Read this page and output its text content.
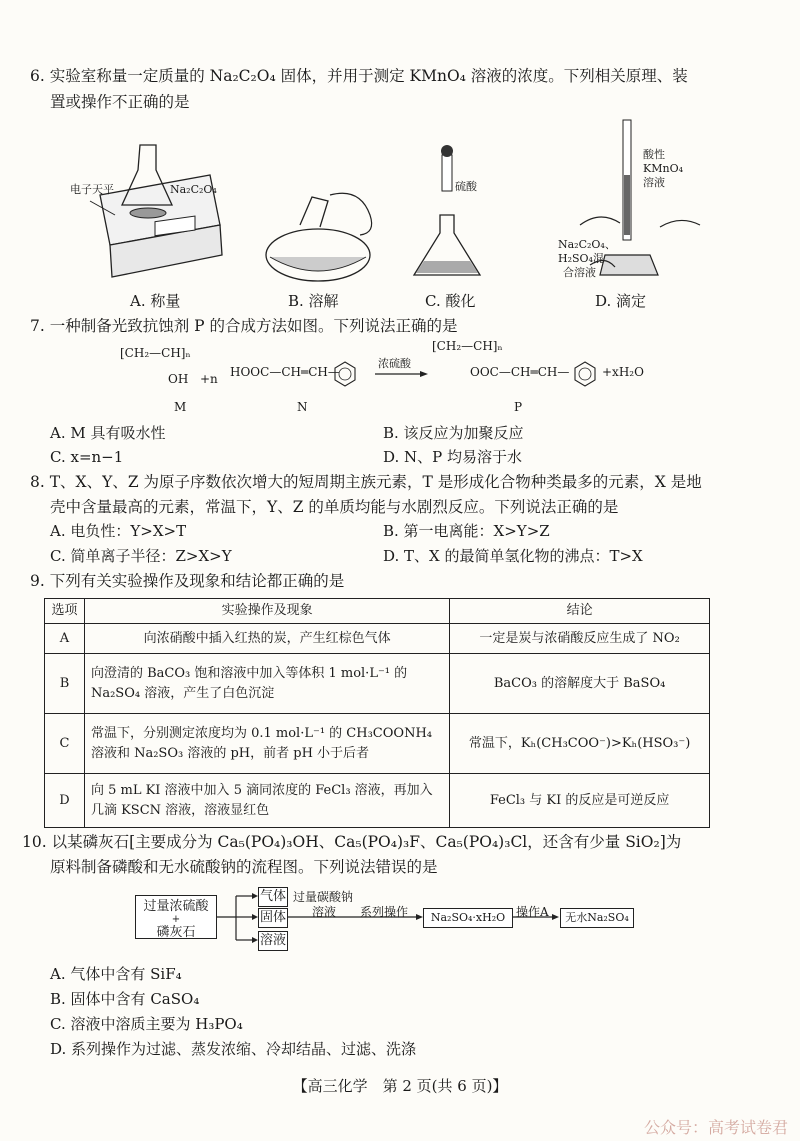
6. 实验室称量一定质量的 Na₂C₂O₄ 固体，并用于测定 KMnO₄ 溶液的浓度。下列相关原理、装
置或操作不正确的是
电子天平	Na₂C₂O₄	硫酸
酸性
KMnO₄
溶液
Na₂C₂O₄、
H₂SO₄混
合溶液
A. 称量	B. 溶解	C. 酸化	D. 滴定
7. 一种制备光致抗蚀剂 P 的合成方法如图。下列说法正确的是
[CH₂—CH]ₙ
OH +n HOOC—CH═CH—
浓硫酸
[CH₂—CH]ₙ
OOC—CH═CH—	+xH₂O
M	N	P
A. M 具有吸水性	B. 该反应为加聚反应
C. x=n−1	D. N、P 均易溶于水
8. T、X、Y、Z 为原子序数依次增大的短周期主族元素，T 是形成化合物种类最多的元素，X 是地
壳中含量最高的元素，常温下，Y、Z 的单质均能与水剧烈反应。下列说法正确的是
A. 电负性：Y>X>T	B. 第一电离能：X>Y>Z
C. 简单离子半径：Z>X>Y	D. T、X 的最简单氢化物的沸点：T>X
9. 下列有关实验操作及现象和结论都正确的是
选项	实验操作及现象	结论
A	向浓硝酸中插入红热的炭，产生红棕色气体	一定是炭与浓硝酸反应生成了 NO₂
B	向澄清的 BaCO₃ 饱和溶液中加入等体积 1 mol·L⁻¹ 的 Na₂SO₄ 溶液，产生了白色沉淀	BaCO₃ 的溶解度大于 BaSO₄
C	常温下，分别测定浓度均为 0.1 mol·L⁻¹ 的 CH₃COONH₄ 溶液和 Na₂SO₃ 溶液的 pH，前者 pH 小于后者	常温下，Kₕ(CH₃COO⁻)>Kₕ(HSO₃⁻)
D	向 5 mL KI 溶液中加入 5 滴同浓度的 FeCl₃ 溶液，再加入几滴 KSCN 溶液，溶液显红色	FeCl₃ 与 KI 的反应是可逆反应
10. 以某磷灰石[主要成分为 Ca₅(PO₄)₃OH、Ca₅(PO₄)₃F、Ca₅(PO₄)₃Cl，还含有少量 SiO₂]为
原料制备磷酸和无水硫酸钠的流程图。下列说法错误的是
过量浓硫酸
+
磷灰石
气体
固体
溶液
过量碳酸钠
溶液 系列操作	Na₂SO₄·xH₂O 操作A	无水Na₂SO₄
A. 气体中含有 SiF₄
B. 固体中含有 CaSO₄
C. 溶液中溶质主要为 H₃PO₄
D. 系列操作为过滤、蒸发浓缩、冷却结晶、过滤、洗涤
【高三化学　第 2 页(共 6 页)】
公众号：高考试卷君
